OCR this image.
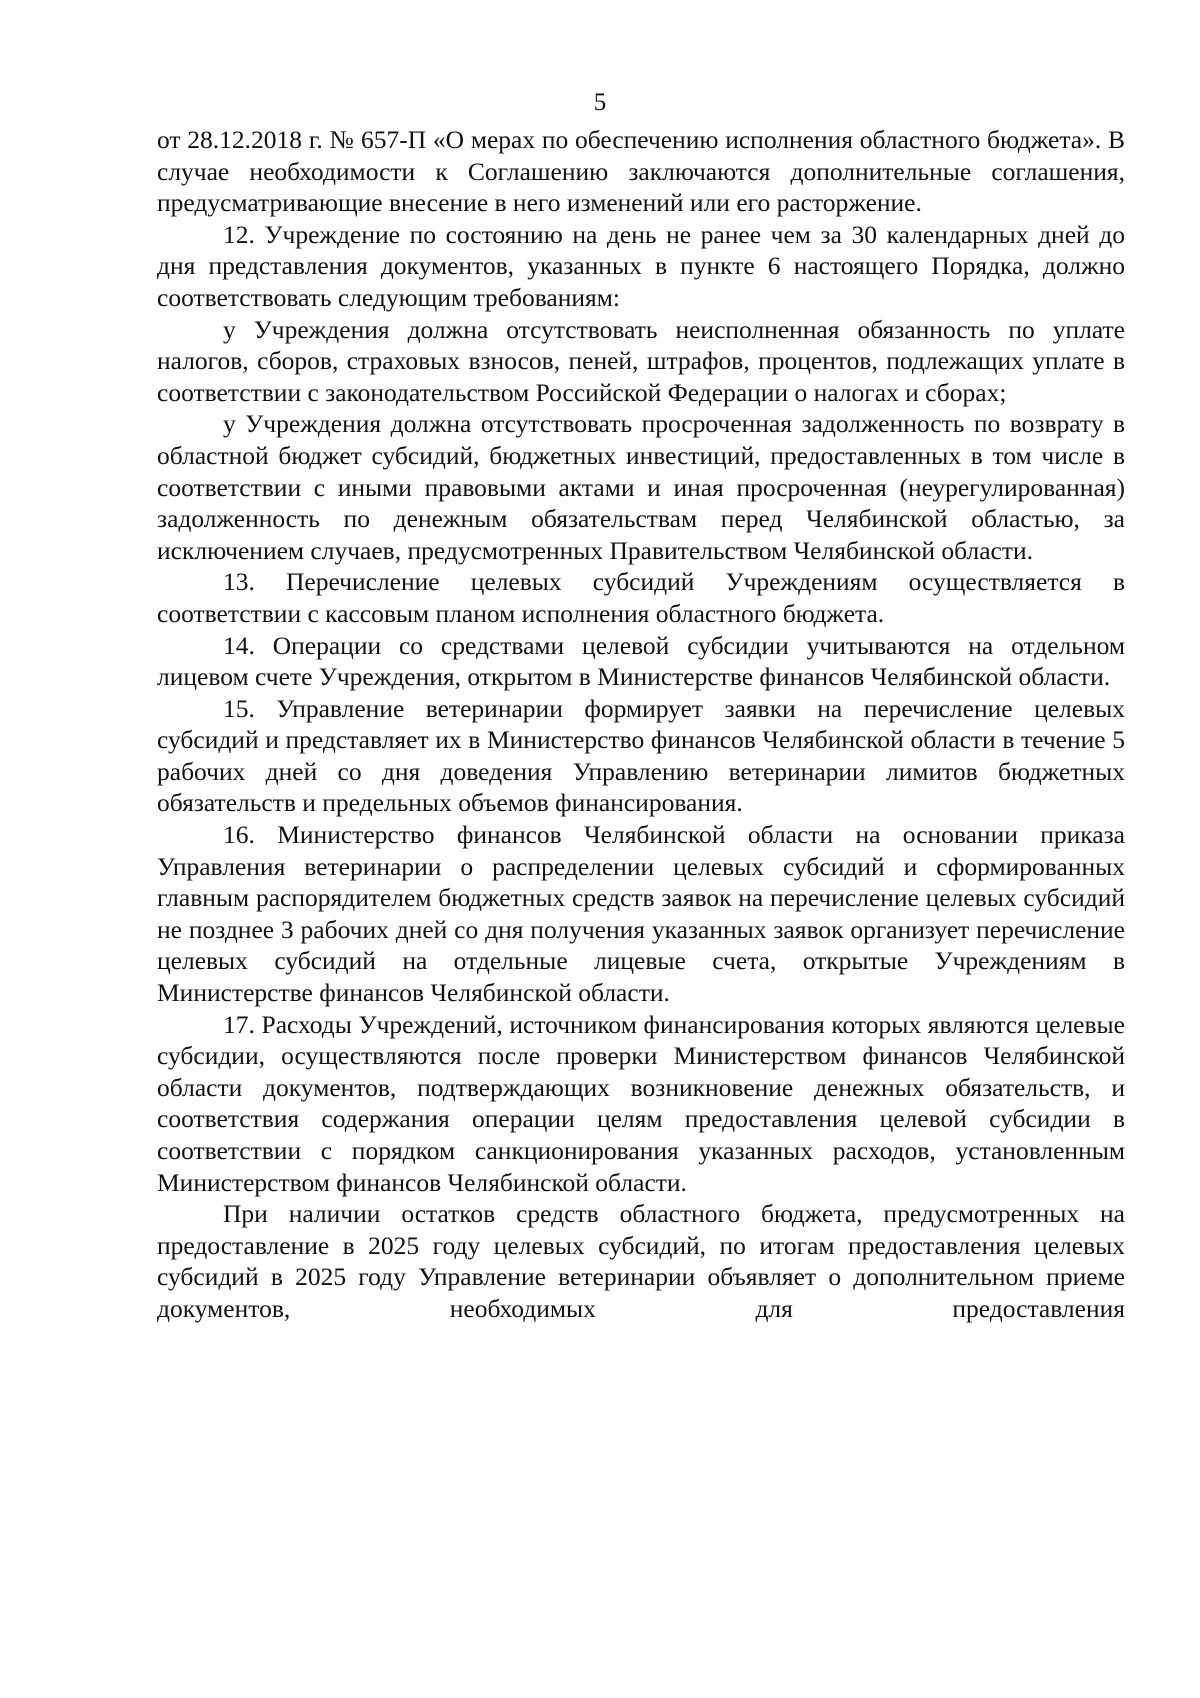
5

от 28.12.2018 г. № 657-П «О мерах по обеспечению исполнения областного бюджета». В случае необходимости к Соглашению заключаются дополнительные соглашения, предусматривающие внесение в него изменений или его расторжение.

12. Учреждение по состоянию на день не ранее чем за 30 календарных дней до дня представления документов, указанных в пункте 6 настоящего Порядка, должно соответствовать следующим требованиям:

у Учреждения должна отсутствовать неисполненная обязанность по уплате налогов, сборов, страховых взносов, пеней, штрафов, процентов, подлежащих уплате в соответствии с законодательством Российской Федерации о налогах и сборах;

у Учреждения должна отсутствовать просроченная задолженность по возврату в областной бюджет субсидий, бюджетных инвестиций, предоставленных в том числе в соответствии с иными правовыми актами и иная просроченная (неурегулированная) задолженность по денежным обязательствам перед Челябинской областью, за исключением случаев, предусмотренных Правительством Челябинской области.

13. Перечисление целевых субсидий Учреждениям осуществляется в соответствии с кассовым планом исполнения областного бюджета.

14. Операции со средствами целевой субсидии учитываются на отдельном лицевом счете Учреждения, открытом в Министерстве финансов Челябинской области.

15. Управление ветеринарии формирует заявки на перечисление целевых субсидий и представляет их в Министерство финансов Челябинской области в течение 5 рабочих дней со дня доведения Управлению ветеринарии лимитов бюджетных обязательств и предельных объемов финансирования.

16. Министерство финансов Челябинской области на основании приказа Управления ветеринарии о распределении целевых субсидий и сформированных главным распорядителем бюджетных средств заявок на перечисление целевых субсидий не позднее 3 рабочих дней со дня получения указанных заявок организует перечисление целевых субсидий на отдельные лицевые счета, открытые Учреждениям в Министерстве финансов Челябинской области.

17. Расходы Учреждений, источником финансирования которых являются целевые субсидии, осуществляются после проверки Министерством финансов Челябинской области документов, подтверждающих возникновение денежных обязательств, и соответствия содержания операции целям предоставления целевой субсидии в соответствии с порядком санкционирования указанных расходов, установленным Министерством финансов Челябинской области.

При наличии остатков средств областного бюджета, предусмотренных на предоставление в 2025 году целевых субсидий, по итогам предоставления целевых субсидий в 2025 году Управление ветеринарии объявляет о дополнительном приеме документов, необходимых для предоставления
